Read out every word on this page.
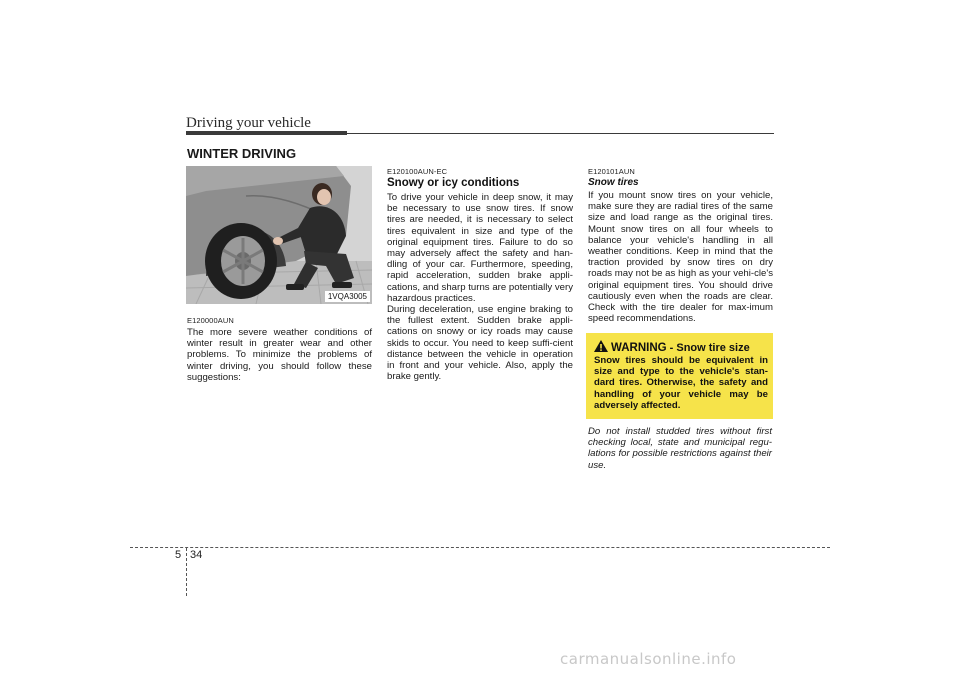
Driving your vehicle
WINTER DRIVING
1VQA3005
E120000AUN
The more severe weather conditions of winter result in greater wear and other problems. To minimize the problems of winter driving, you should follow these suggestions:
E120100AUN-EC
Snowy or icy conditions
To drive your vehicle in deep snow, it may be necessary to use snow tires. If snow tires are needed, it is necessary to select tires equivalent in size and type of the original equipment tires. Failure to do so may adversely affect the safety and han-dling of your car. Furthermore, speeding, rapid acceleration, sudden brake appli-cations, and sharp turns are potentially very hazardous practices.
During deceleration, use engine braking to the fullest extent. Sudden brake appli-cations on snowy or icy roads may cause skids to occur. You need to keep suffi-cient distance between the vehicle in operation in front and your vehicle. Also, apply the brake gently.
E120101AUN
Snow tires
If you mount snow tires on your vehicle, make sure they are radial tires of the same size and load range as the original tires. Mount snow tires on all four wheels to balance your vehicle's handling in all weather conditions. Keep in mind that the traction provided by snow tires on dry roads may not be as high as your vehi-cle's original equipment tires. You should drive cautiously even when the roads are clear. Check with the tire dealer for max-imum speed recommendations.
WARNING - Snow tire size
Snow tires should be equivalent in size and type to the vehicle's stan-dard tires. Otherwise, the safety and handling of your vehicle may be adversely affected.
Do not install studded tires without first checking local, state and municipal regu-lations for possible restrictions against their use.
5 34
carmanualsonline.info
